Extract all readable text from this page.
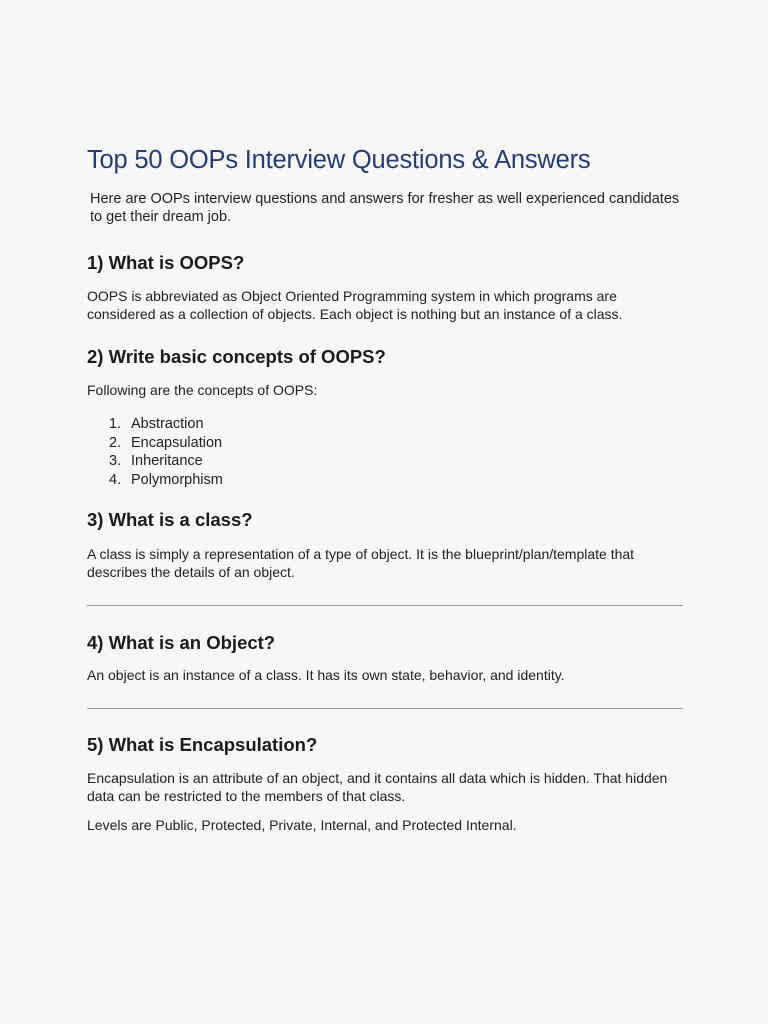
Top 50 OOPs Interview Questions & Answers

Here are OOPs interview questions and answers for fresher as well experienced candidates to get their dream job.

1) What is OOPS?

OOPS is abbreviated as Object Oriented Programming system in which programs are considered as a collection of objects. Each object is nothing but an instance of a class.

2) Write basic concepts of OOPS?

Following are the concepts of OOPS:

1. Abstraction
2. Encapsulation
3. Inheritance
4. Polymorphism
3) What is a class?

A class is simply a representation of a type of object. It is the blueprint/plan/template that describes the details of an object.

4) What is an Object?

An object is an instance of a class. It has its own state, behavior, and identity.

5) What is Encapsulation?

Encapsulation is an attribute of an object, and it contains all data which is hidden. That hidden data can be restricted to the members of that class.

Levels are Public, Protected, Private, Internal, and Protected Internal.
